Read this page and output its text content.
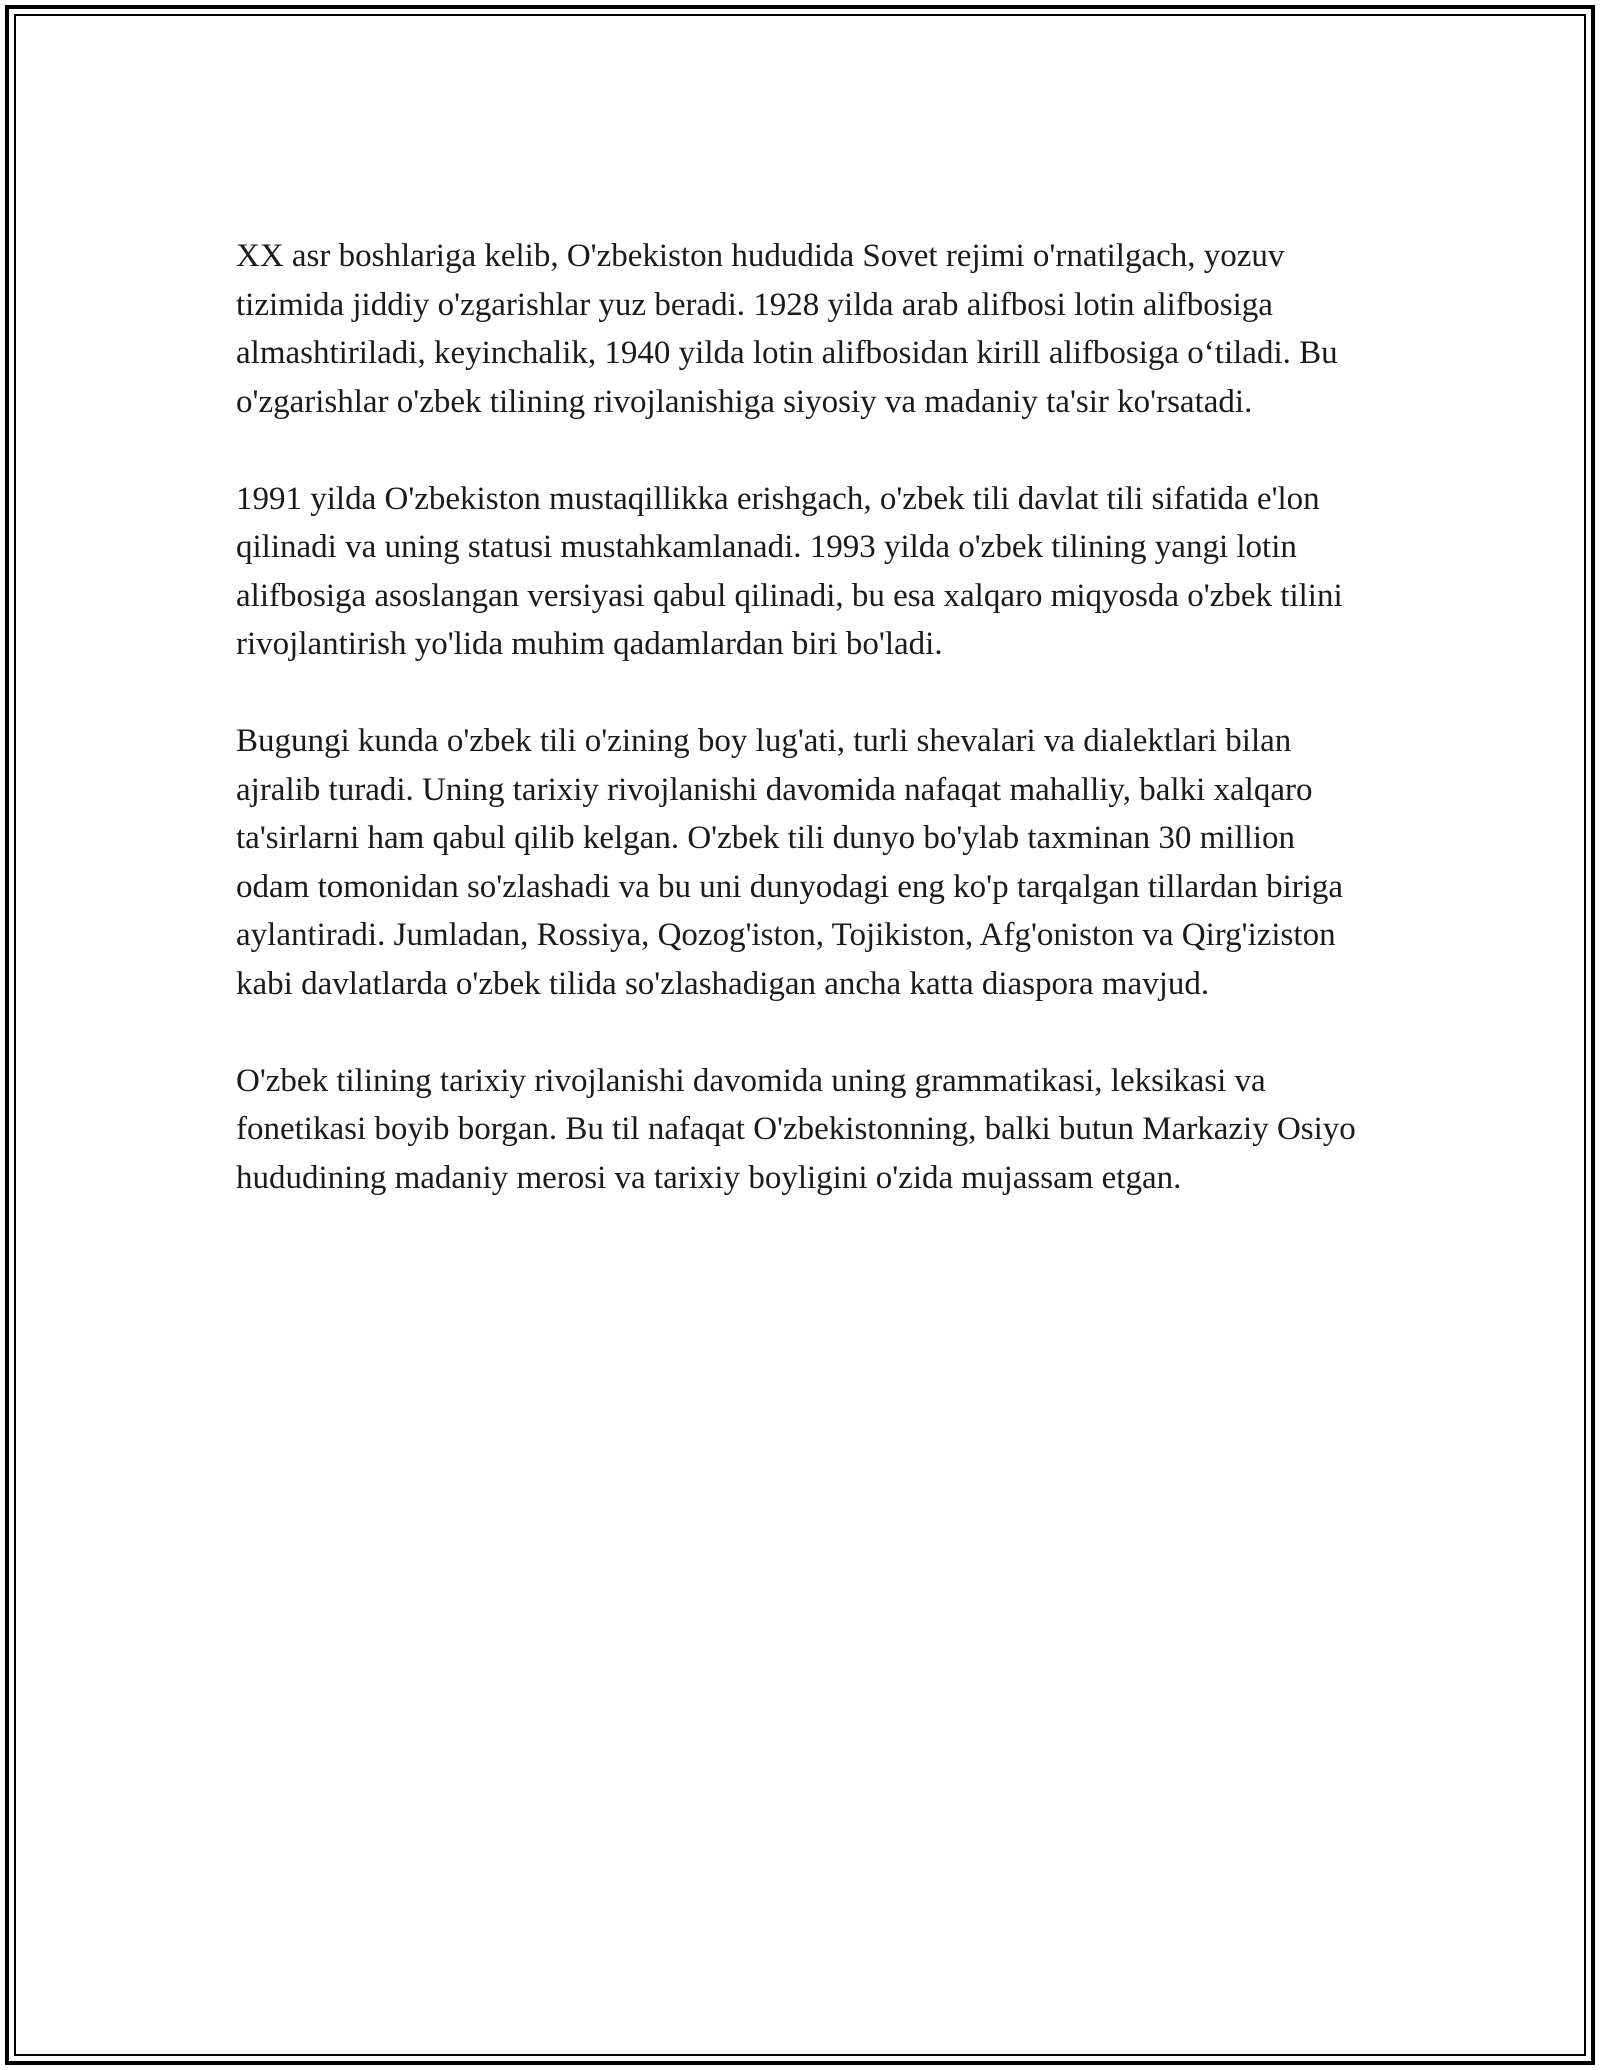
XX asr boshlariga kelib, O'zbekiston hududida Sovet rejimi o'rnatilgach, yozuv tizimida jiddiy o'zgarishlar yuz beradi. 1928 yilda arab alifbosi lotin alifbosiga almashtiriladi, keyinchalik, 1940 yilda lotin alifbosidan kirill alifbosiga o‘tiladi. Bu o'zgarishlar o'zbek tilining rivojlanishiga siyosiy va madaniy ta'sir ko'rsatadi.

1991 yilda O'zbekiston mustaqillikka erishgach, o'zbek tili davlat tili sifatida e'lon qilinadi va uning statusi mustahkamlanadi. 1993 yilda o'zbek tilining yangi lotin alifbosiga asoslangan versiyasi qabul qilinadi, bu esa xalqaro miqyosda o'zbek tilini rivojlantirish yo'lida muhim qadamlardan biri bo'ladi.

Bugungi kunda o'zbek tili o'zining boy lug'ati, turli shevalari va dialektlari bilan ajralib turadi. Uning tarixiy rivojlanishi davomida nafaqat mahalliy, balki xalqaro ta'sirlarni ham qabul qilib kelgan. O'zbek tili dunyo bo'ylab taxminan 30 million odam tomonidan so'zlashadi va bu uni dunyodagi eng ko'p tarqalgan tillardan biriga aylantiradi. Jumladan, Rossiya, Qozog'iston, Tojikiston, Afg'oniston va Qirg'iziston kabi davlatlarda o'zbek tilida so'zlashadigan ancha katta diaspora mavjud.

O'zbek tilining tarixiy rivojlanishi davomida uning grammatikasi, leksikasi va fonetikasi boyib borgan. Bu til nafaqat O'zbekistonning, balki butun Markaziy Osiyo hududining madaniy merosi va tarixiy boyligini o'zida mujassam etgan.
